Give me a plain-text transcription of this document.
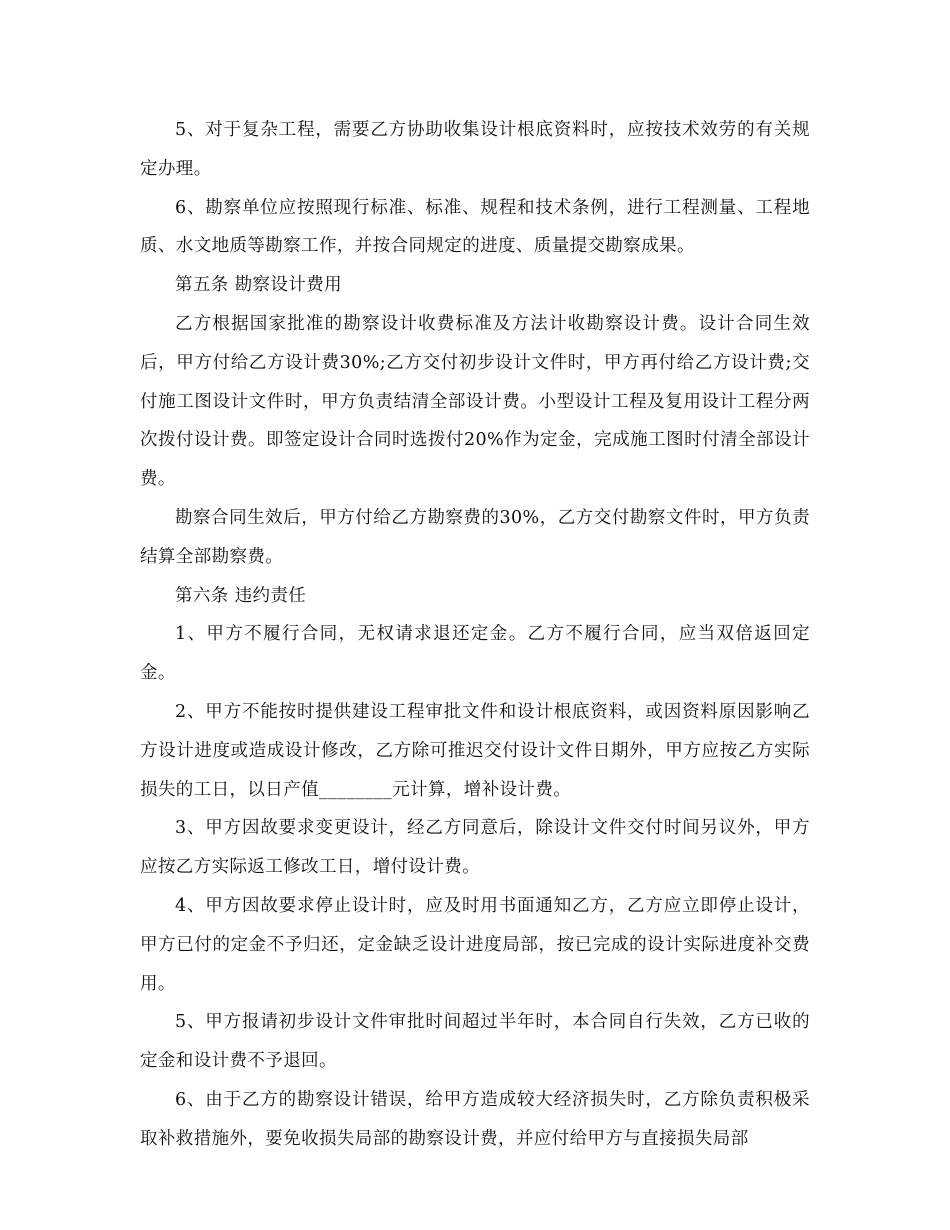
5、对于复杂工程，需要乙方协助收集设计根底资料时，应按技术效劳的有关规定办理。

6、勘察单位应按照现行标准、标准、规程和技术条例，进行工程测量、工程地质、水文地质等勘察工作，并按合同规定的进度、质量提交勘察成果。

第五条 勘察设计费用

乙方根据国家批准的勘察设计收费标准及方法计收勘察设计费。设计合同生效后，甲方付给乙方设计费30%;乙方交付初步设计文件时，甲方再付给乙方设计费;交付施工图设计文件时，甲方负责结清全部设计费。小型设计工程及复用设计工程分两次拨付设计费。即签定设计合同时选拨付20%作为定金，完成施工图时付清全部设计费。

勘察合同生效后，甲方付给乙方勘察费的30%，乙方交付勘察文件时，甲方负责结算全部勘察费。

第六条 违约责任

1、甲方不履行合同，无权请求退还定金。乙方不履行合同，应当双倍返回定金。

2、甲方不能按时提供建设工程审批文件和设计根底资料，或因资料原因影响乙方设计进度或造成设计修改，乙方除可推迟交付设计文件日期外，甲方应按乙方实际损失的工日，以日产值________元计算，增补设计费。

3、甲方因故要求变更设计，经乙方同意后，除设计文件交付时间另议外，甲方应按乙方实际返工修改工日，增付设计费。

4、甲方因故要求停止设计时，应及时用书面通知乙方，乙方应立即停止设计，甲方已付的定金不予归还，定金缺乏设计进度局部，按已完成的设计实际进度补交费用。

5、甲方报请初步设计文件审批时间超过半年时，本合同自行失效，乙方已收的定金和设计费不予退回。

6、由于乙方的勘察设计错误，给甲方造成较大经济损失时，乙方除负责积极采取补救措施外，要免收损失局部的勘察设计费，并应付给甲方与直接损失局部
